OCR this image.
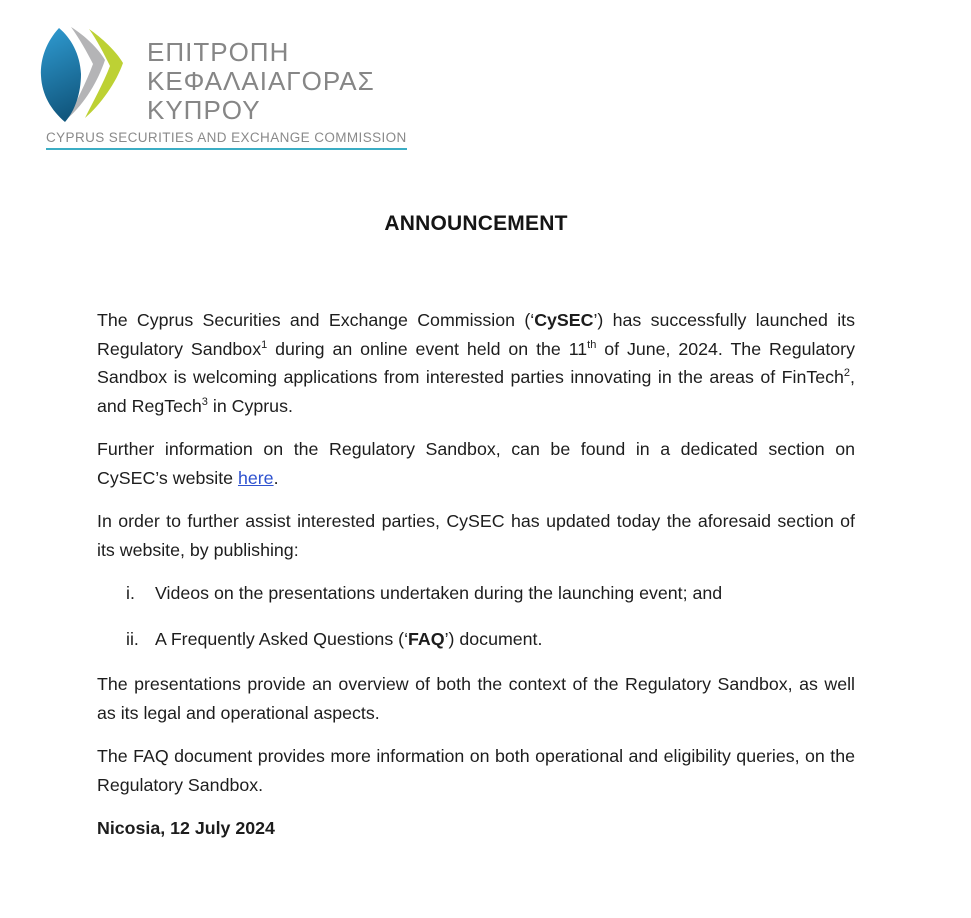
ΕΠΙΤΡΟΠΗ
ΚΕΦΑΛΑΙΑΓΟΡΑΣ
ΚΥΠΡΟΥ
CYPRUS SECURITIES AND EXCHANGE COMMISSION
ANNOUNCEMENT

The Cyprus Securities and Exchange Commission (‘CySEC’) has successfully launched its Regulatory Sandbox$^1$ during an online event held on the 11th of June, 2024. The Regulatory Sandbox is welcoming applications from interested parties innovating in the areas of FinTech$^2$, and RegTech$^3$ in Cyprus.

Further information on the Regulatory Sandbox, can be found in a dedicated section on CySEC’s website here.

In order to further assist interested parties, CySEC has updated today the aforesaid section of its website, by publishing:

i.	Videos on the presentations undertaken during the launching event; and
ii. A Frequently Asked Questions (‘FAQ’) document.

The presentations provide an overview of both the context of the Regulatory Sandbox, as well as its legal and operational aspects.

The FAQ document provides more information on both operational and eligibility queries, on the Regulatory Sandbox.

Nicosia, 12 July 2024
